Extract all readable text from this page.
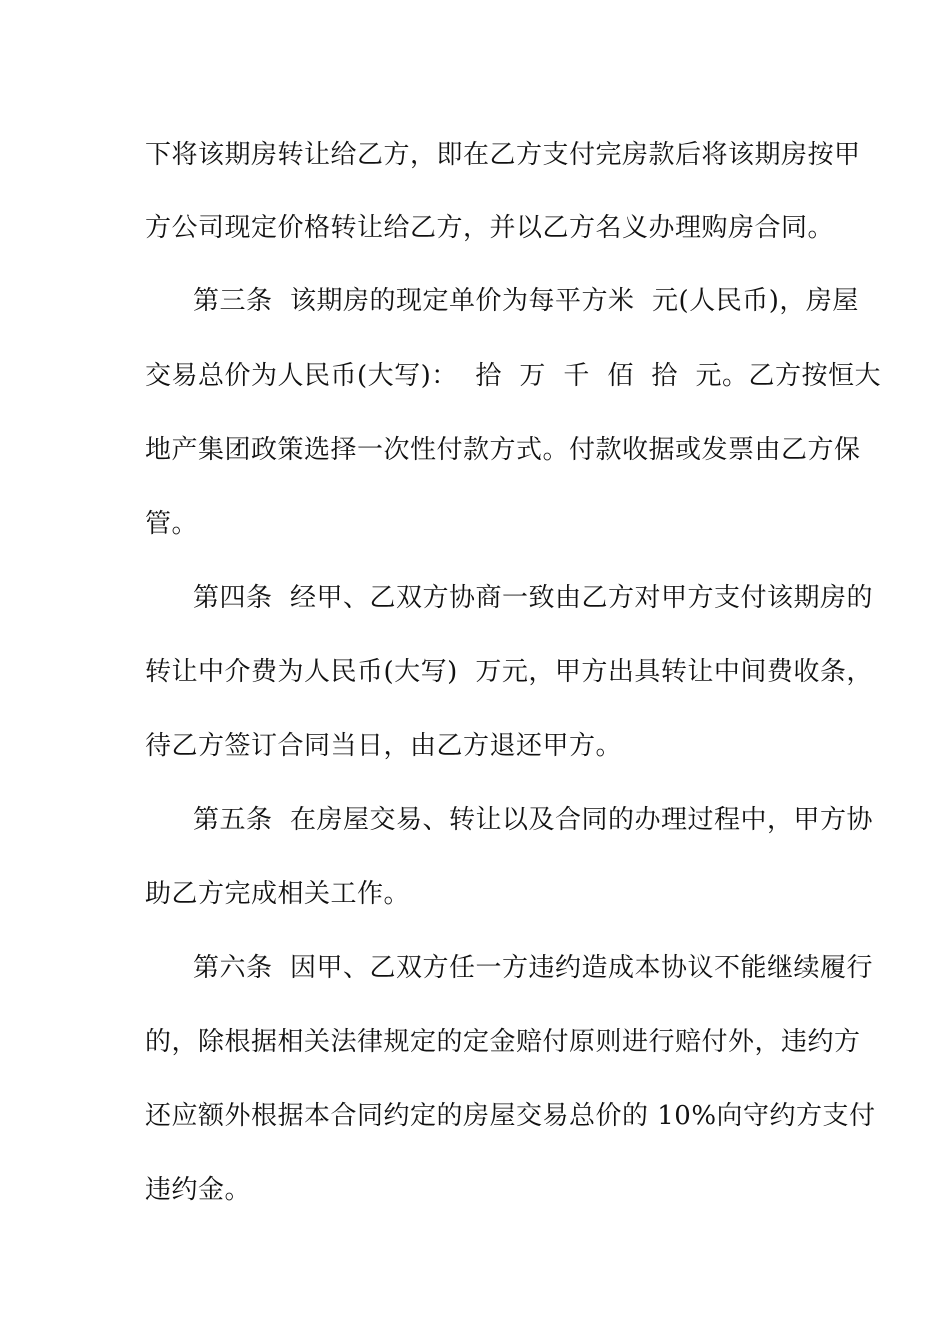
下将该期房转让给乙方，即在乙方支付完房款后将该期房按甲
方公司现定价格转让给乙方，并以乙方名义办理购房合同。
第三条  该期房的现定单价为每平方米  元(人民币)，房屋
交易总价为人民币(大写)：  拾  万  千  佰  拾  元。乙方按恒大
地产集团政策选择一次性付款方式。付款收据或发票由乙方保
管。
第四条  经甲、乙双方协商一致由乙方对甲方支付该期房的
转让中介费为人民币(大写)  万元，甲方出具转让中间费收条，
待乙方签订合同当日，由乙方退还甲方。
第五条  在房屋交易、转让以及合同的办理过程中，甲方协
助乙方完成相关工作。
第六条  因甲、乙双方任一方违约造成本协议不能继续履行
的，除根据相关法律规定的定金赔付原则进行赔付外，违约方
还应额外根据本合同约定的房屋交易总价的 10%向守约方支付
违约金。
